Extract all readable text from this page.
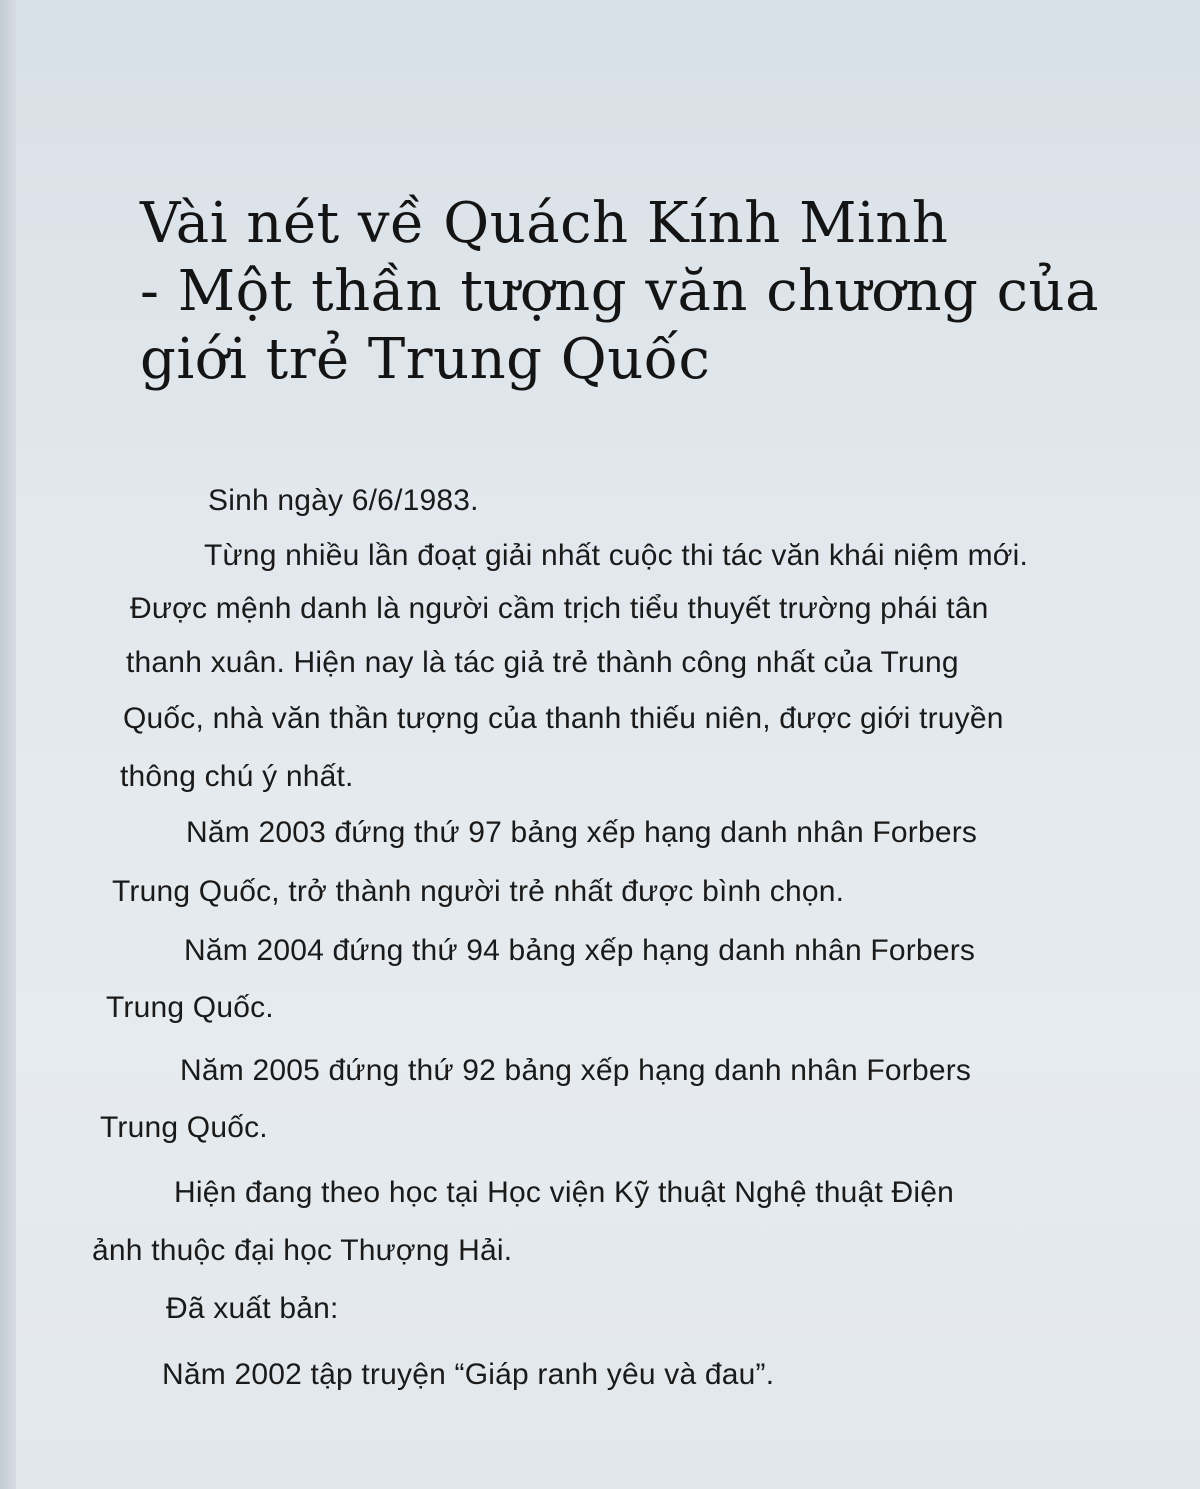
Vài nét về Quách Kính Minh
- Một thần tượng văn chương của
giới trẻ Trung Quốc

Sinh ngày 6/6/1983.

Từng nhiều lần đoạt giải nhất cuộc thi tác văn khái niệm mới.

Được mệnh danh là người cầm trịch tiểu thuyết trường phái tân

thanh xuân. Hiện nay là tác giả trẻ thành công nhất của Trung

Quốc, nhà văn thần tượng của thanh thiếu niên, được giới truyền

thông chú ý nhất.

Năm 2003 đứng thứ 97 bảng xếp hạng danh nhân Forbers

Trung Quốc, trở thành người trẻ nhất được bình chọn.

Năm 2004 đứng thứ 94 bảng xếp hạng danh nhân Forbers

Trung Quốc.

Năm 2005 đứng thứ 92 bảng xếp hạng danh nhân Forbers

Trung Quốc.

Hiện đang theo học tại Học viện Kỹ thuật Nghệ thuật Điện

ảnh thuộc đại học Thượng Hải.

Đã xuất bản:

Năm 2002 tập truyện “Giáp ranh yêu và đau”.
